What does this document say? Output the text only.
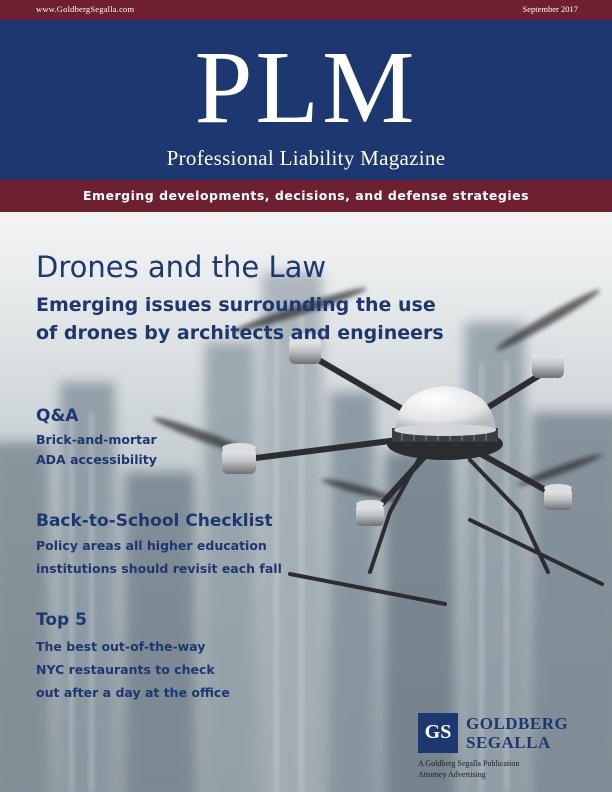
www.GoldbergSegalla.com	September 2017
PLM
Professional Liability Magazine
Emerging developments, decisions, and defense strategies
Drones and the Law
Emerging issues surrounding the use
of drones by architects and engineers
Q&A
Brick-and-mortar
ADA accessibility
Back-to-School Checklist
Policy areas all higher education
institutions should revisit each fall
Top 5
The best out-of-the-way
NYC restaurants to check
out after a day at the office
GS GOLDBERG
SEGALLA
A Goldberg Segalla Publication
Attorney Advertising
